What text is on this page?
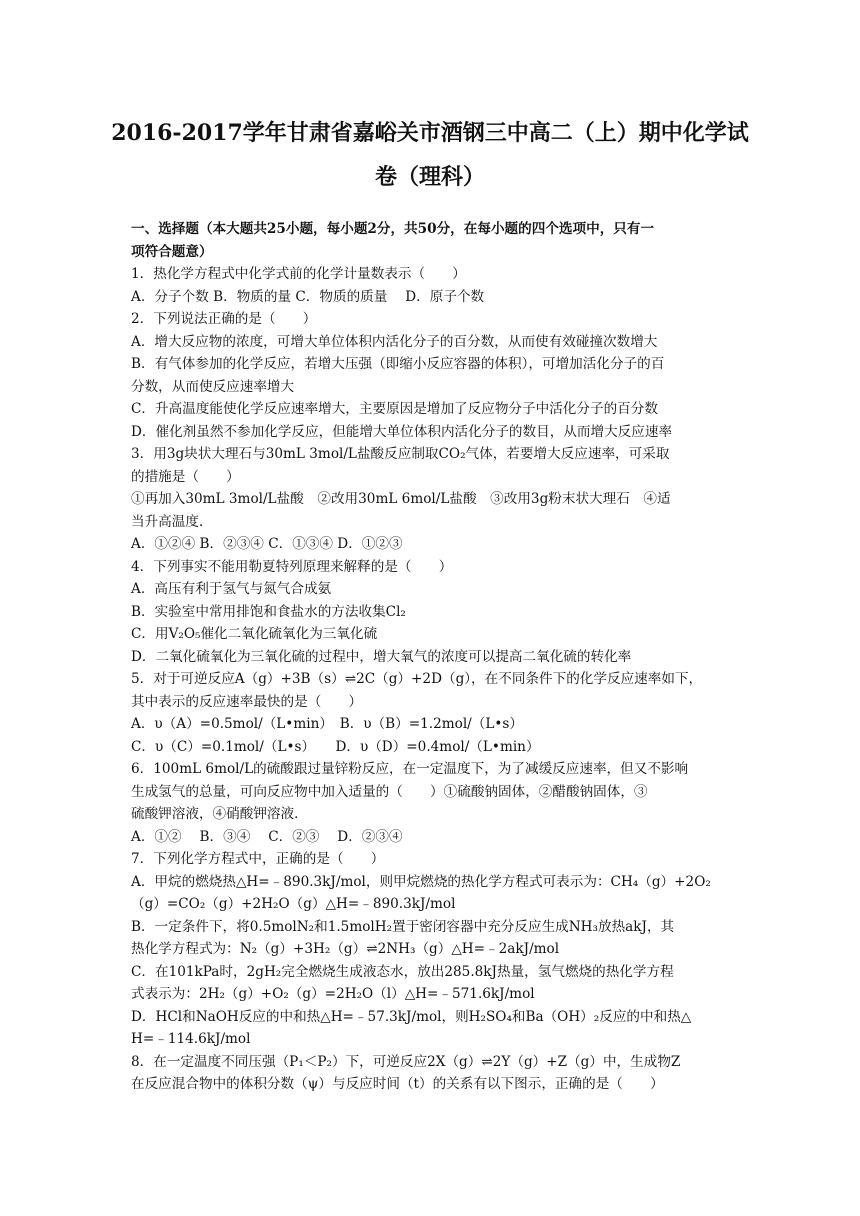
2016-2017学年甘肃省嘉峪关市酒钢三中高二（上）期中化学试
卷（理科）
一、选择题（本大题共25小题，每小题2分，共50分，在每小题的四个选项中，只有一
项符合题意）
1．热化学方程式中化学式前的化学计量数表示（　　）
A．分子个数 B．物质的量 C．物质的质量　 D．原子个数
2．下列说法正确的是（　　）
A．增大反应物的浓度，可增大单位体积内活化分子的百分数，从而使有效碰撞次数增大
B．有气体参加的化学反应，若增大压强（即缩小反应容器的体积），可增加活化分子的百
分数，从而使反应速率增大
C．升高温度能使化学反应速率增大，主要原因是增加了反应物分子中活化分子的百分数
D．催化剂虽然不参加化学反应，但能增大单位体积内活化分子的数目，从而增大反应速率
3．用3g块状大理石与30mL 3mol/L盐酸反应制取CO₂气体，若要增大反应速率，可采取
的措施是（　　）
①再加入30mL 3mol/L盐酸　②改用30mL 6mol/L盐酸　③改用3g粉末状大理石　④适
当升高温度．
A．①②④ B．②③④ C．①③④ D．①②③
4．下列事实不能用勒夏特列原理来解释的是（　　）
A．高压有利于氢气与氮气合成氨
B．实验室中常用排饱和食盐水的方法收集Cl₂
C．用V₂O₅催化二氧化硫氧化为三氧化硫
D．二氧化硫氧化为三氧化硫的过程中，增大氧气的浓度可以提高二氧化硫的转化率
5．对于可逆反应A（g）+3B（s）⇌2C（g）+2D（g），在不同条件下的化学反应速率如下，
其中表示的反应速率最快的是（　　）
A．υ（A）=0.5mol/（L•min）　B．υ（B）=1.2mol/（L•s）
C．υ（C）=0.1mol/（L•s）　　D．υ（D）=0.4mol/（L•min）
6．100mL 6mol/L的硫酸跟过量锌粉反应，在一定温度下，为了减缓反应速率，但又不影响
生成氢气的总量，可向反应物中加入适量的（　　）①硫酸钠固体，②醋酸钠固体，③
硫酸钾溶液，④硝酸钾溶液．
A．①②　 B．③④　 C．②③　 D．②③④
7．下列化学方程式中，正确的是（　　）
A．甲烷的燃烧热△H=﹣890.3kJ/mol，则甲烷燃烧的热化学方程式可表示为：CH₄（g）+2O₂
（g）=CO₂（g）+2H₂O（g）△H=﹣890.3kJ/mol
B．一定条件下，将0.5molN₂和1.5molH₂置于密闭容器中充分反应生成NH₃放热akJ，其
热化学方程式为：N₂（g）+3H₂（g）⇌2NH₃（g）△H=﹣2akJ/mol
C．在101kPa时，2gH₂完全燃烧生成液态水，放出285.8kJ热量，氢气燃烧的热化学方程
式表示为：2H₂（g）+O₂（g）=2H₂O（l）△H=﹣571.6kJ/mol
D．HCl和NaOH反应的中和热△H=﹣57.3kJ/mol，则H₂SO₄和Ba（OH）₂反应的中和热△
H=﹣114.6kJ/mol
8．在一定温度不同压强（P₁＜P₂）下，可逆反应2X（g）⇌2Y（g）+Z（g）中，生成物Z
在反应混合物中的体积分数（ψ）与反应时间（t）的关系有以下图示，正确的是（　　）
